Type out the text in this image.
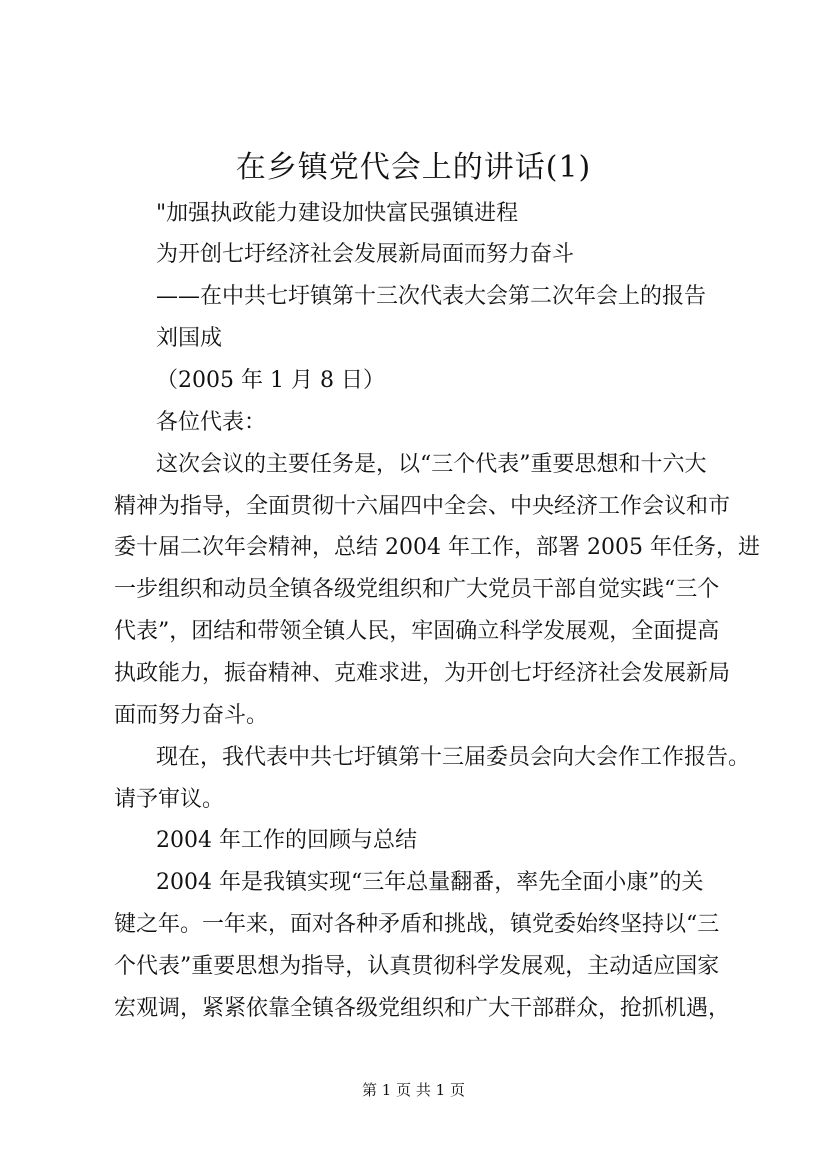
在乡镇党代会上的讲话(1)
"加强执政能力建设加快富民强镇进程
为开创七圩经济社会发展新局面而努力奋斗
——在中共七圩镇第十三次代表大会第二次年会上的报告
刘国成
（2005 年 1 月 8 日）
各位代表：
这次会议的主要任务是，以“三个代表”重要思想和十六大
精神为指导，全面贯彻十六届四中全会、中央经济工作会议和市
委十届二次年会精神，总结 2004 年工作，部署 2005 年任务，进
一步组织和动员全镇各级党组织和广大党员干部自觉实践“三个
代表”，团结和带领全镇人民，牢固确立科学发展观，全面提高
执政能力，振奋精神、克难求进，为开创七圩经济社会发展新局
面而努力奋斗。
现在，我代表中共七圩镇第十三届委员会向大会作工作报告。
请予审议。
2004 年工作的回顾与总结
2004 年是我镇实现“三年总量翻番，率先全面小康”的关
键之年。一年来，面对各种矛盾和挑战，镇党委始终坚持以“三
个代表”重要思想为指导，认真贯彻科学发展观，主动适应国家
宏观调，紧紧依靠全镇各级党组织和广大干部群众，抢抓机遇，
第 1 页 共 1 页
